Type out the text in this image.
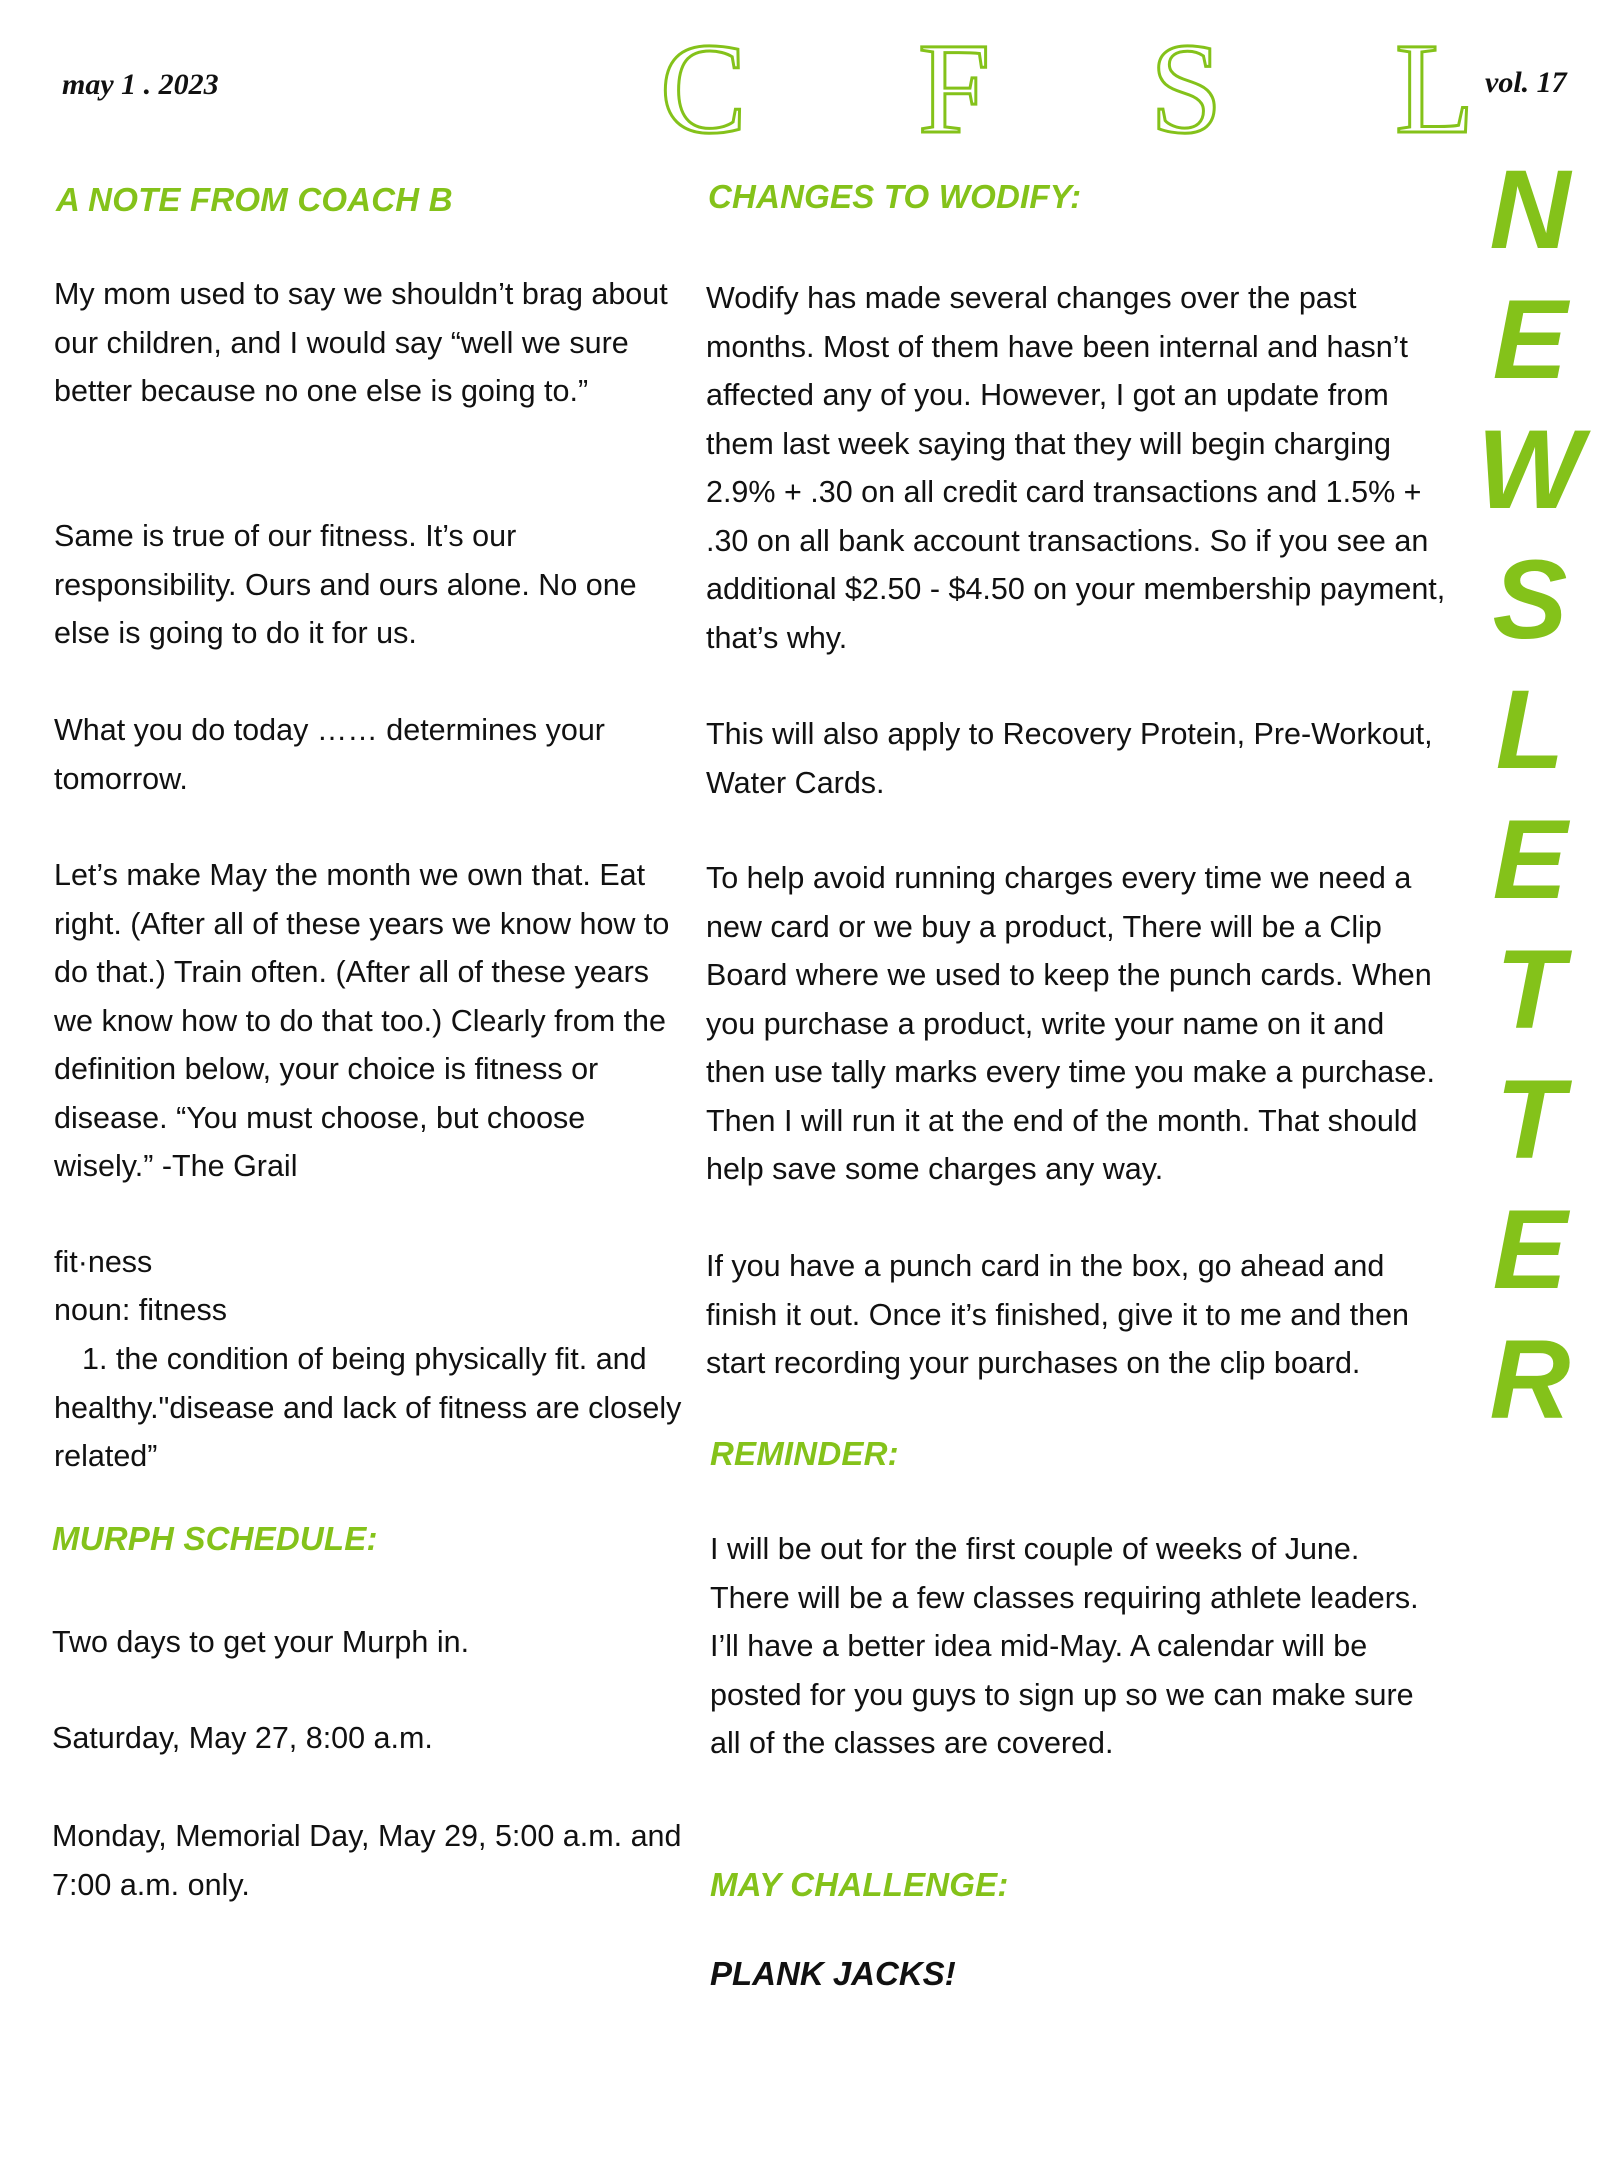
may 1 . 2023	vol. 17
C F S L
N
E
W
S
L
E
T
T
E
R
A NOTE FROM COACH B

My mom used to say we shouldn’t brag about our children, and I would say “well we sure better because no one else is going to.”

Same is true of our fitness. It’s our responsibility. Ours and ours alone. No one else is going to do it for us.

What you do today …… determines your tomorrow.

Let’s make May the month we own that. Eat right. (After all of these years we know how to do that.) Train often. (After all of these years we know how to do that too.) Clearly from the definition below, your choice is fitness or disease. “You must choose, but choose wisely.” -The Grail

fit·ness

noun: fitness

1. the condition of being physically fit. and healthy."disease and lack of fitness are closely related”

MURPH SCHEDULE:

Two days to get your Murph in.

Saturday, May 27, 8:00 a.m.

Monday, Memorial Day, May 29, 5:00 a.m. and 7:00 a.m. only.

CHANGES TO WODIFY:

Wodify has made several changes over the past months. Most of them have been internal and hasn’t affected any of you. However, I got an update from them last week saying that they will begin charging 2.9% + .30 on all credit card transactions and 1.5% + .30 on all bank account transactions. So if you see an additional $2.50 - $4.50 on your membership payment, that’s why.

This will also apply to Recovery Protein, Pre-Workout, Water Cards.

To help avoid running charges every time we need a new card or we buy a product, There will be a Clip Board where we used to keep the punch cards. When you purchase a product, write your name on it and then use tally marks every time you make a purchase. Then I will run it at the end of the month. That should help save some charges any way.

If you have a punch card in the box, go ahead and finish it out. Once it’s finished, give it to me and then start recording your purchases on the clip board.

REMINDER:

I will be out for the first couple of weeks of June. There will be a few classes requiring athlete leaders. I’ll have a better idea mid-May. A calendar will be posted for you guys to sign up so we can make sure all of the classes are covered.

MAY CHALLENGE:

PLANK JACKS!
